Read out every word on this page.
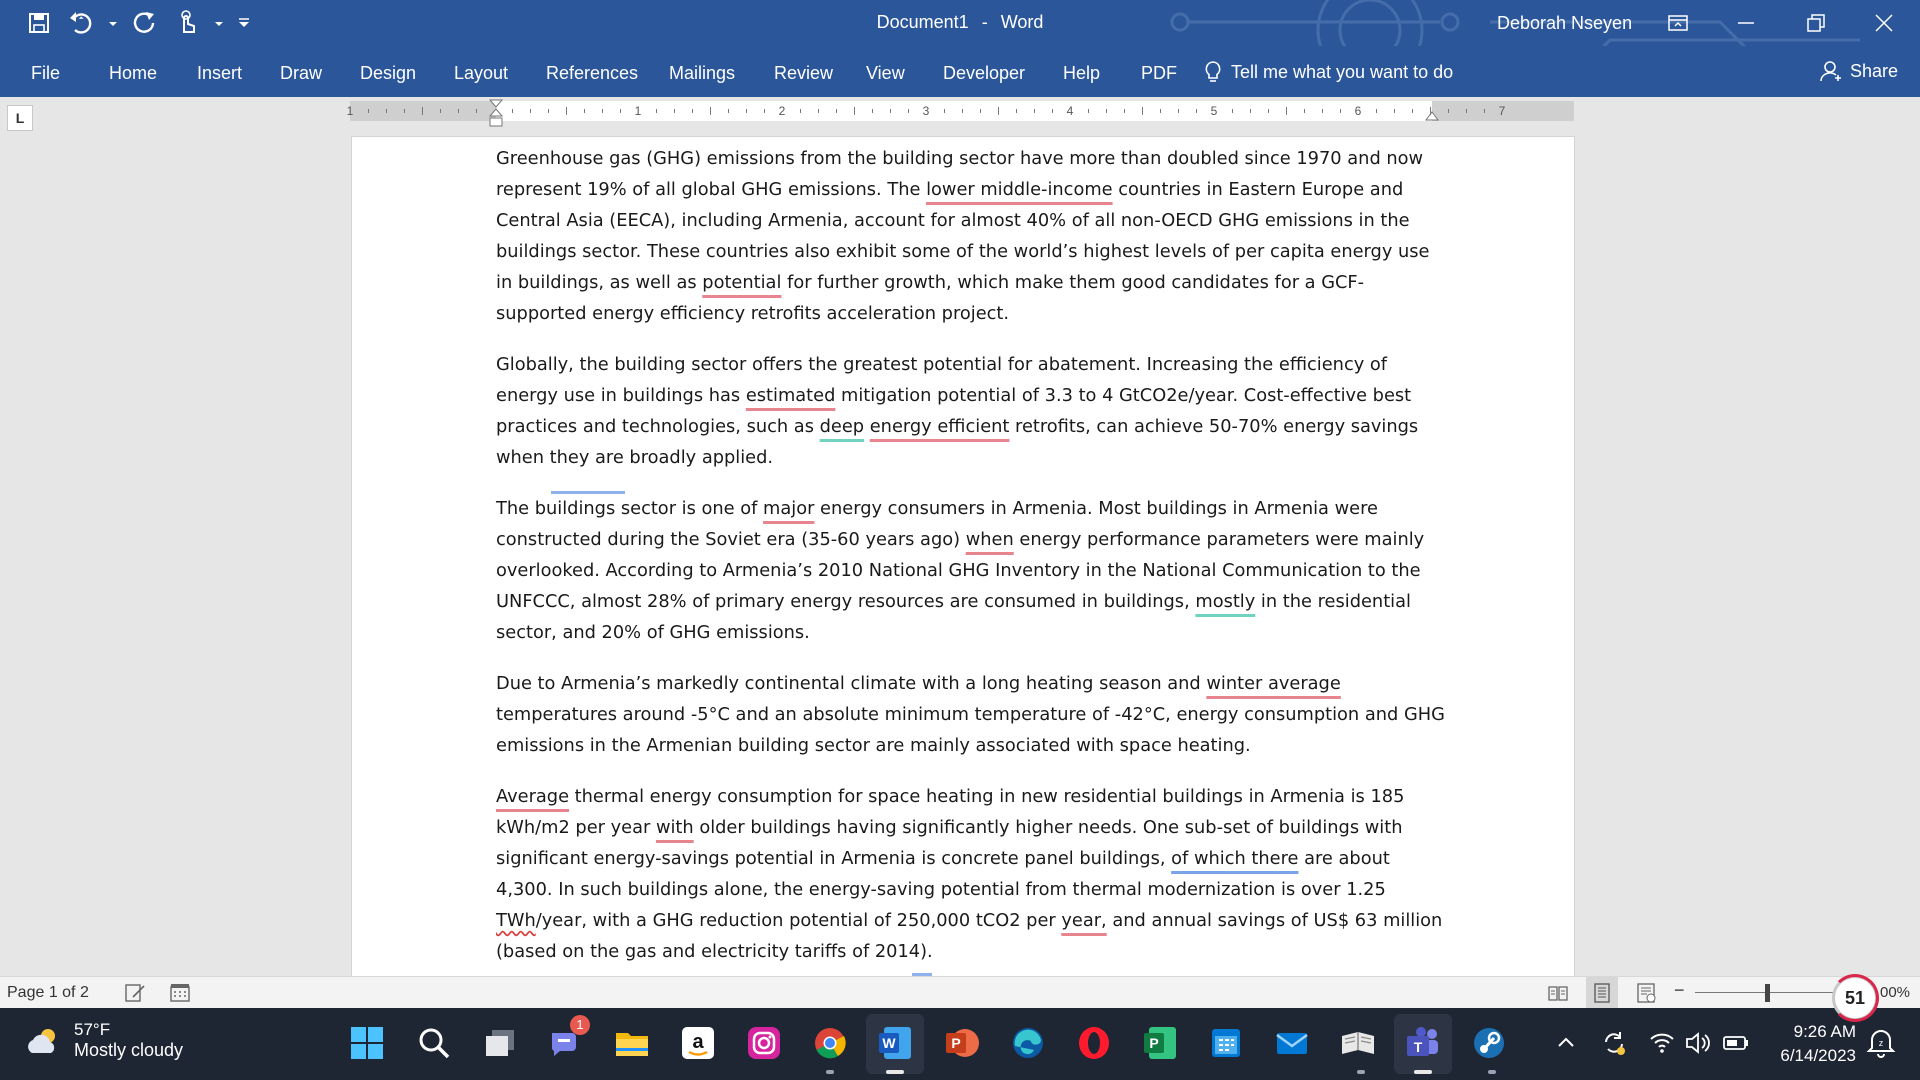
Document1 - Word	Deborah Nseyen
File	Home Insert Draw Design Layout References Mailings Review View Developer Help PDF	Tell me what you want to do	Share
L	1	1	2	3	4	5	6	7

Greenhouse gas (GHG) emissions from the building sector have more than doubled since 1970 and now represent 19% of all global GHG emissions. The lower middle-income countries in Eastern Europe and Central Asia (EECA), including Armenia, account for almost 40% of all non-OECD GHG emissions in the buildings sector. These countries also exhibit some of the world’s highest levels of per capita energy use in buildings, as well as potential for further growth, which make them good candidates for a GCF-supported energy efficiency retrofits acceleration project.

Globally, the building sector offers the greatest potential for abatement. Increasing the efficiency of energy use in buildings has estimated mitigation potential of 3.3 to 4 GtCO2e/year. Cost-effective best practices and technologies, such as deep energy efficient retrofits, can achieve 50-70% energy savings when they are broadly applied.

The buildings sector is one of major energy consumers in Armenia. Most buildings in Armenia were constructed during the Soviet era (35-60 years ago) when energy performance parameters were mainly overlooked. According to Armenia’s 2010 National GHG Inventory in the National Communication to the UNFCCC, almost 28% of primary energy resources are consumed in buildings, mostly in the residential sector, and 20% of GHG emissions.

Due to Armenia’s markedly continental climate with a long heating season and winter average temperatures around -5°C and an absolute minimum temperature of -42°C, energy consumption and GHG emissions in the Armenian building sector are mainly associated with space heating.

Average thermal energy consumption for space heating in new residential buildings in Armenia is 185 kWh/m2 per year with older buildings having significantly higher needs. One sub-set of buildings with significant energy-savings potential in Armenia is concrete panel buildings, of which there are about 4,300. In such buildings alone, the energy-saving potential from thermal modernization is over 1.25 TWh/year, with a GHG reduction potential of 250,000 tCO2 per year, and annual savings of US$ 63 million (based on the gas and electricity tariffs of 2014).

Page 1 of 2	−	00%
51
57°F
Mostly cloudy
1
a	W	P	P	T
9:26 AM
6/14/2023
z
